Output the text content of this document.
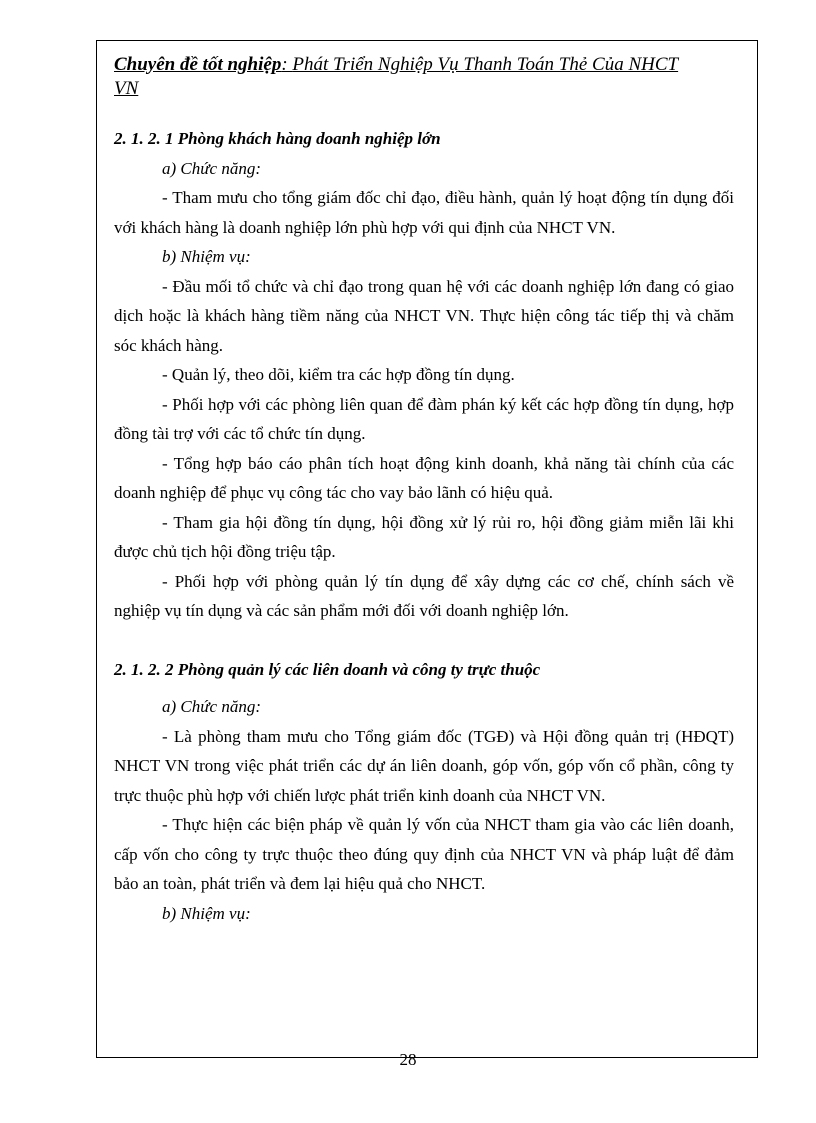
Chuyên đề tốt nghiệp: Phát Triển Nghiệp Vụ Thanh Toán Thẻ Của NHCT
VN

2. 1. 2. 1 Phòng khách hàng doanh nghiệp lớn

a) Chức năng:

- Tham mưu cho tổng giám đốc chỉ đạo, điều hành, quản lý hoạt động tín dụng đối với khách hàng là doanh nghiệp lớn phù hợp với qui định của NHCT VN.

b) Nhiệm vụ:

- Đầu mối tổ chức và chỉ đạo trong quan hệ với các doanh nghiệp lớn đang có giao dịch hoặc là khách hàng tiềm năng của NHCT VN. Thực hiện công tác tiếp thị và chăm sóc khách hàng.

- Quản lý, theo dõi, kiểm tra các hợp đồng tín dụng.

- Phối hợp với các phòng liên quan để đàm phán ký kết các hợp đồng tín dụng, hợp đồng tài trợ với các tổ chức tín dụng.

- Tổng hợp báo cáo phân tích hoạt động kinh doanh, khả năng tài chính của các doanh nghiệp để phục vụ công tác cho vay bảo lãnh có hiệu quả.

- Tham gia hội đồng tín dụng, hội đồng xử lý rủi ro, hội đồng giảm miễn lãi khi được chủ tịch hội đồng triệu tập.

- Phối hợp với phòng quản lý tín dụng để xây dựng các cơ chế, chính sách về nghiệp vụ tín dụng và các sản phẩm mới đối với doanh nghiệp lớn.

2. 1. 2. 2 Phòng quản lý các liên doanh và công ty trực thuộc

a) Chức năng:

- Là phòng tham mưu cho Tổng giám đốc (TGĐ) và Hội đồng quản trị (HĐQT) NHCT VN trong việc phát triển các dự án liên doanh, góp vốn, góp vốn cổ phần, công ty trực thuộc phù hợp với chiến lược phát triển kinh doanh của NHCT VN.

- Thực hiện các biện pháp về quản lý vốn của NHCT tham gia vào các liên doanh, cấp vốn cho công ty trực thuộc theo đúng quy định của NHCT VN và pháp luật để đảm bảo an toàn, phát triển và đem lại hiệu quả cho NHCT.

b) Nhiệm vụ:

28
